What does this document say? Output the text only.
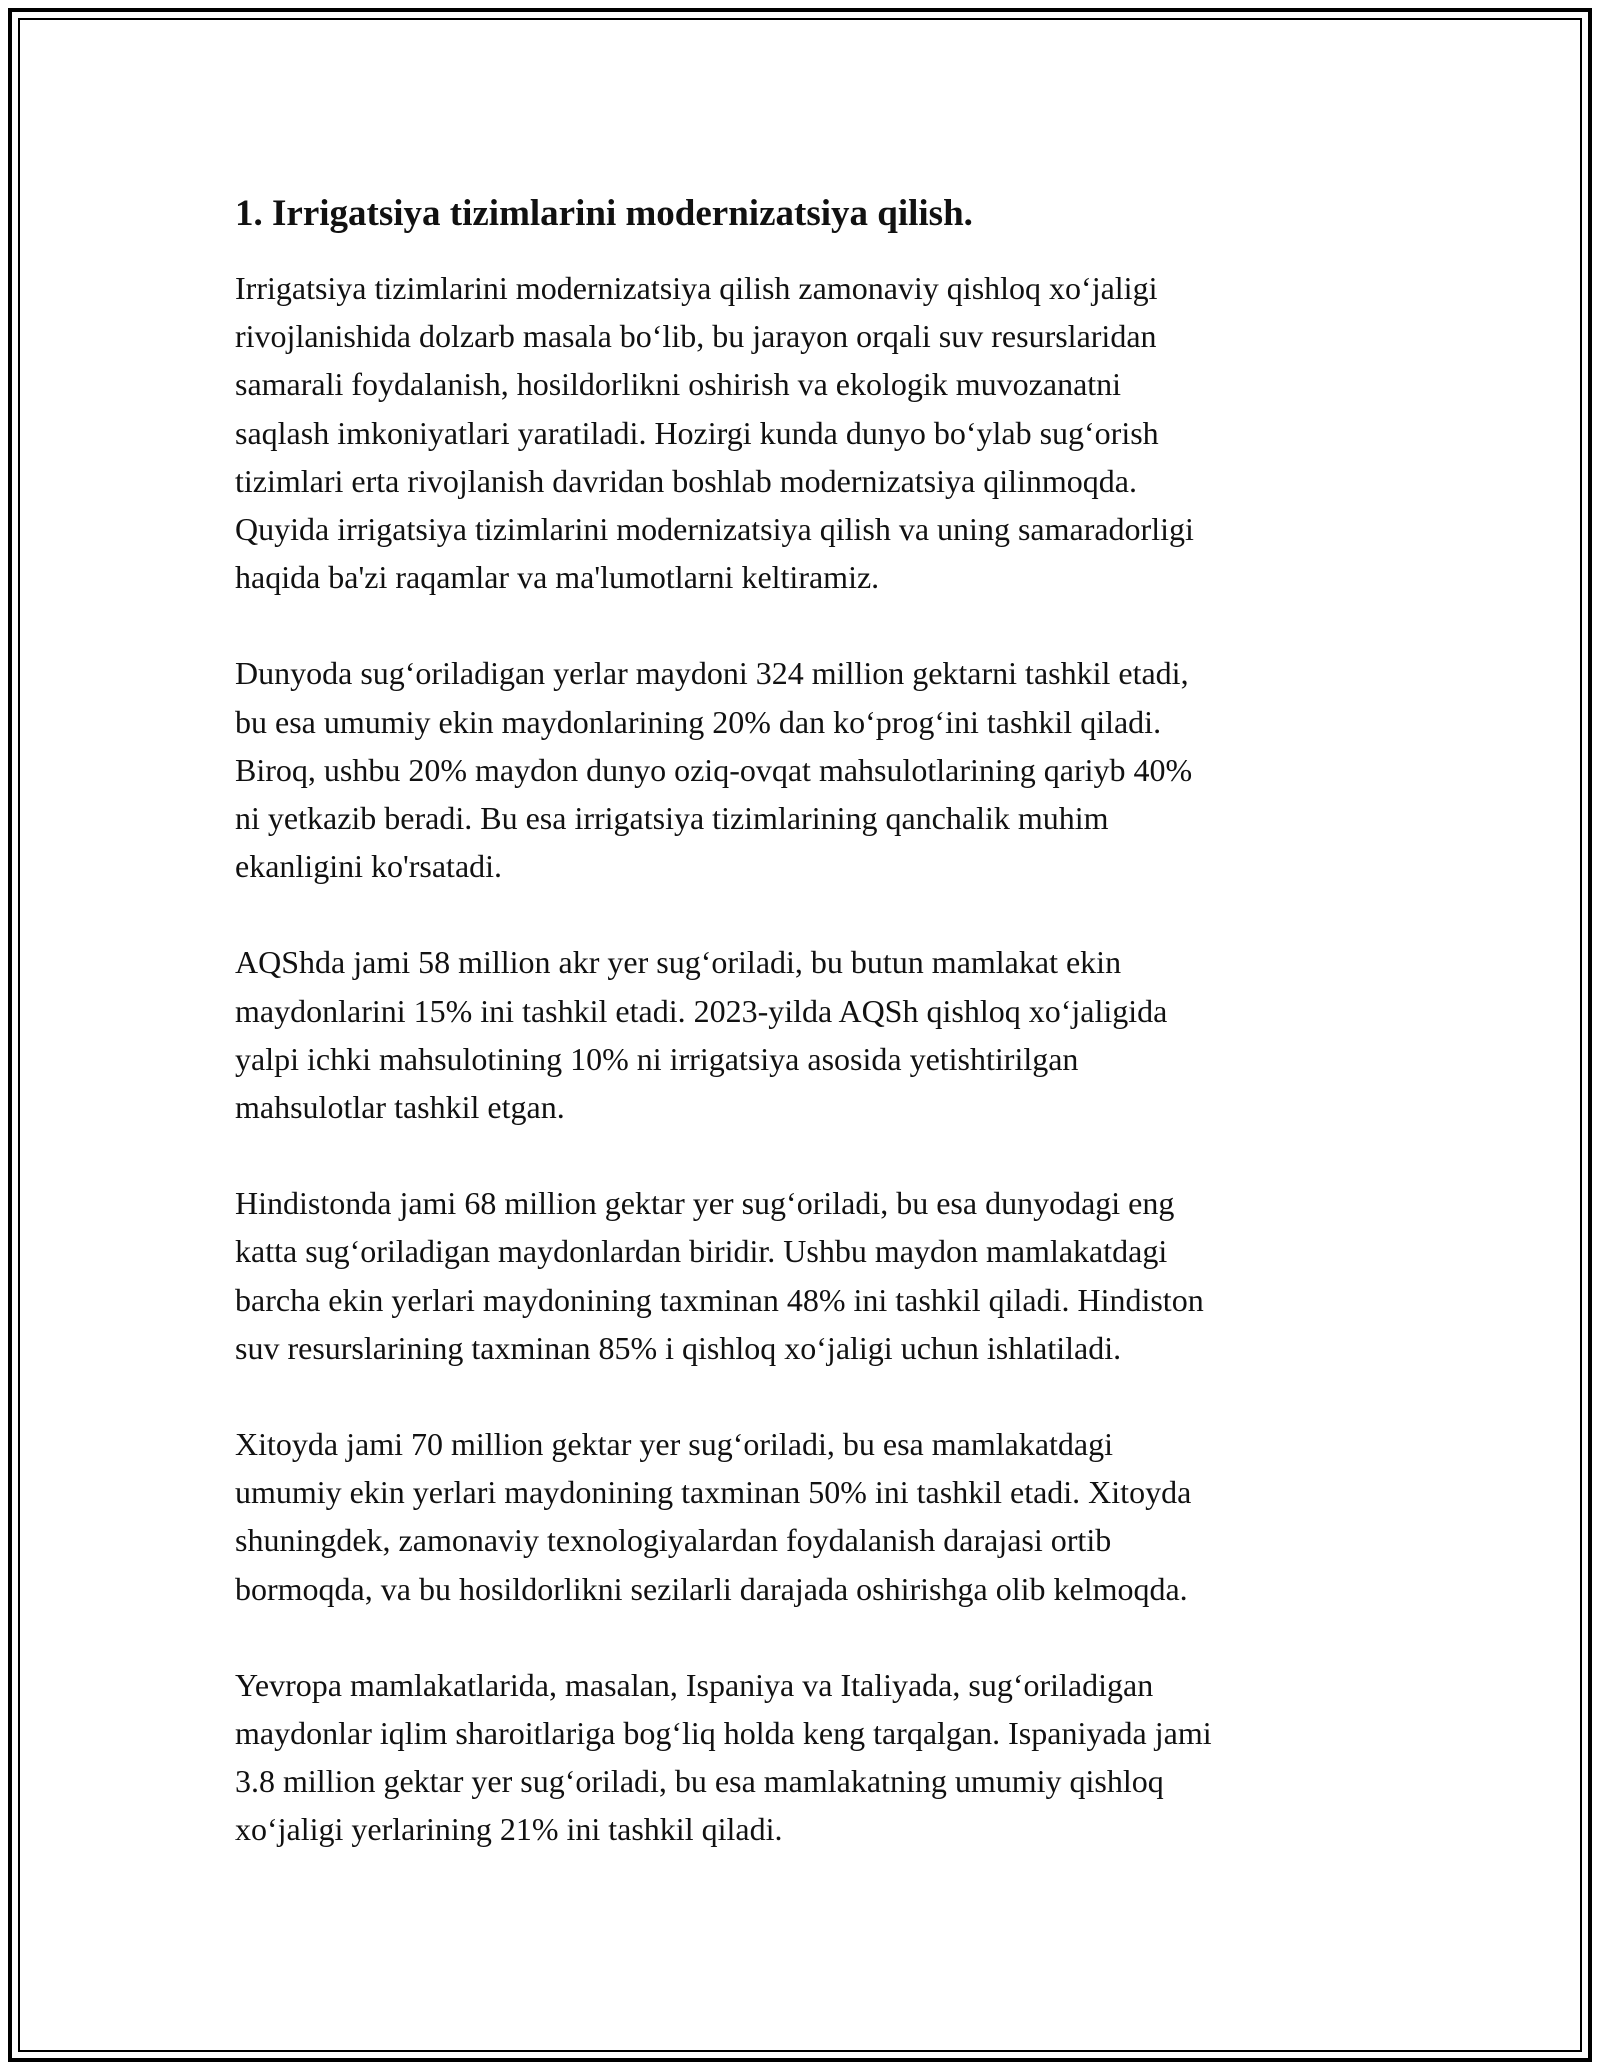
1. Irrigatsiya tizimlarini modernizatsiya qilish.

Irrigatsiya tizimlarini modernizatsiya qilish zamonaviy qishloq xo‘jaligi
rivojlanishida dolzarb masala bo‘lib, bu jarayon orqali suv resurslaridan
samarali foydalanish, hosildorlikni oshirish va ekologik muvozanatni
saqlash imkoniyatlari yaratiladi. Hozirgi kunda dunyo bo‘ylab sug‘orish
tizimlari erta rivojlanish davridan boshlab modernizatsiya qilinmoqda.
Quyida irrigatsiya tizimlarini modernizatsiya qilish va uning samaradorligi
haqida ba'zi raqamlar va ma'lumotlarni keltiramiz.

Dunyoda sug‘oriladigan yerlar maydoni 324 million gektarni tashkil etadi,
bu esa umumiy ekin maydonlarining 20% dan ko‘prog‘ini tashkil qiladi.
Biroq, ushbu 20% maydon dunyo oziq-ovqat mahsulotlarining qariyb 40%
ni yetkazib beradi. Bu esa irrigatsiya tizimlarining qanchalik muhim
ekanligini ko'rsatadi.

AQShda jami 58 million akr yer sug‘oriladi, bu butun mamlakat ekin
maydonlarini 15% ini tashkil etadi. 2023-yilda AQSh qishloq xo‘jaligida
yalpi ichki mahsulotining 10% ni irrigatsiya asosida yetishtirilgan
mahsulotlar tashkil etgan.

Hindistonda jami 68 million gektar yer sug‘oriladi, bu esa dunyodagi eng
katta sug‘oriladigan maydonlardan biridir. Ushbu maydon mamlakatdagi
barcha ekin yerlari maydonining taxminan 48% ini tashkil qiladi. Hindiston
suv resurslarining taxminan 85% i qishloq xo‘jaligi uchun ishlatiladi.

Xitoyda jami 70 million gektar yer sug‘oriladi, bu esa mamlakatdagi
umumiy ekin yerlari maydonining taxminan 50% ini tashkil etadi. Xitoyda
shuningdek, zamonaviy texnologiyalardan foydalanish darajasi ortib
bormoqda, va bu hosildorlikni sezilarli darajada oshirishga olib kelmoqda.

Yevropa mamlakatlarida, masalan, Ispaniya va Italiyada, sug‘oriladigan
maydonlar iqlim sharoitlariga bog‘liq holda keng tarqalgan. Ispaniyada jami
3.8 million gektar yer sug‘oriladi, bu esa mamlakatning umumiy qishloq
xo‘jaligi yerlarining 21% ini tashkil qiladi.
